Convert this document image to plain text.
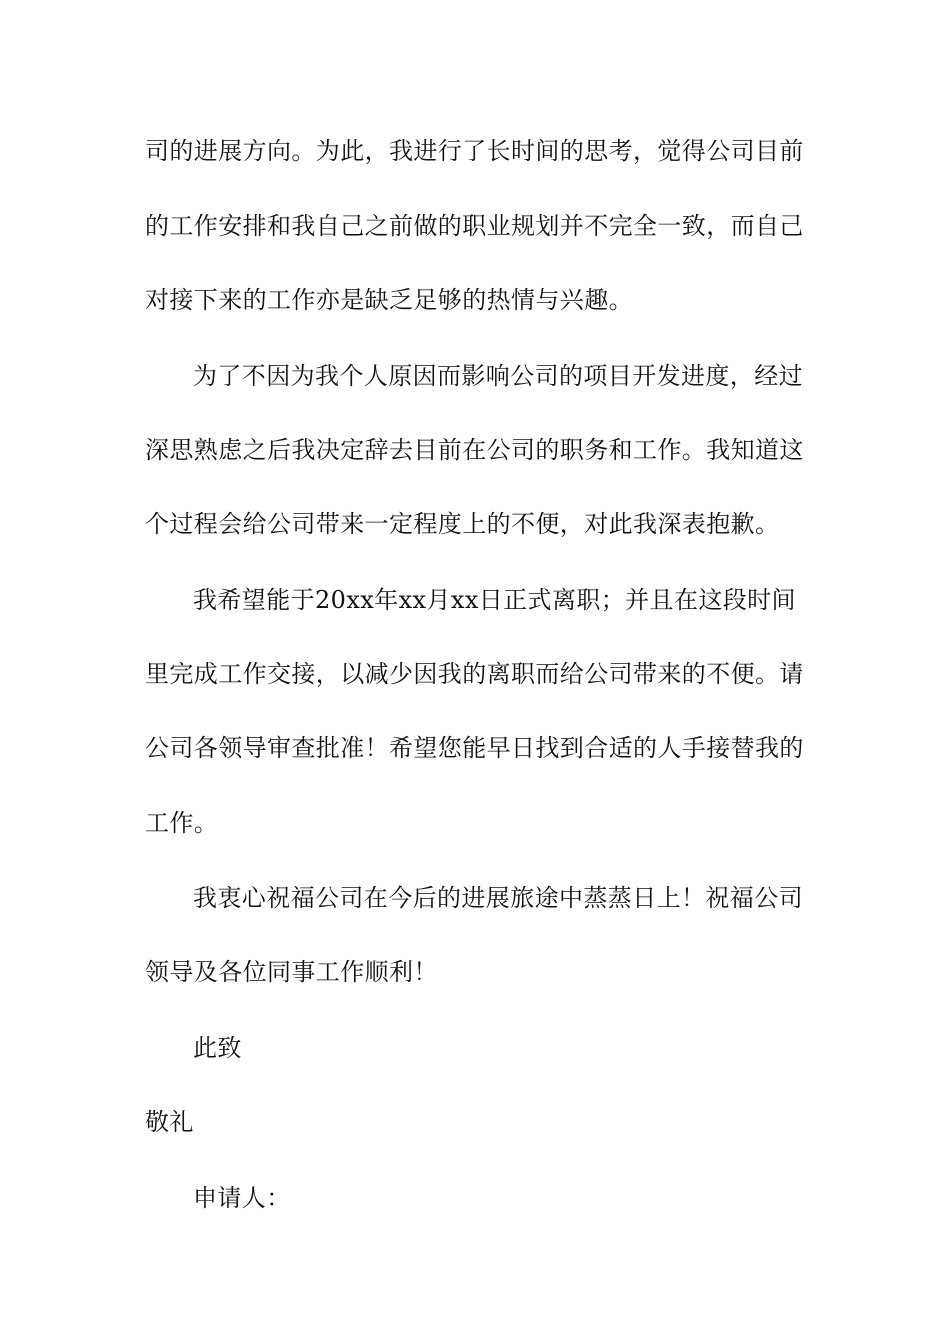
司的进展方向。为此，我进行了长时间的思考，觉得公司目前
的工作安排和我自己之前做的职业规划并不完全一致，而自己
对接下来的工作亦是缺乏足够的热情与兴趣。
为了不因为我个人原因而影响公司的项目开发进度，经过
深思熟虑之后我决定辞去目前在公司的职务和工作。我知道这
个过程会给公司带来一定程度上的不便，对此我深表抱歉。
我希望能于20xx年xx月xx日正式离职；并且在这段时间
里完成工作交接，以减少因我的离职而给公司带来的不便。请
公司各领导审查批准！希望您能早日找到合适的人手接替我的
工作。
我衷心祝福公司在今后的进展旅途中蒸蒸日上！祝福公司
领导及各位同事工作顺利！
此致
敬礼
申请人：
